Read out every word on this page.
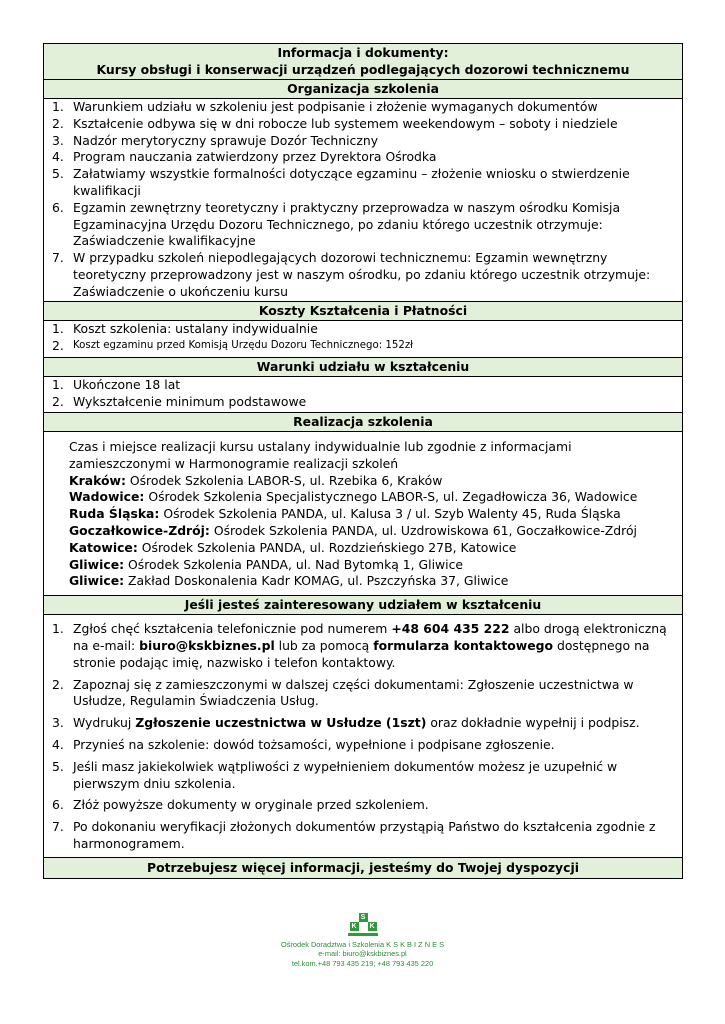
Informacja i dokumenty:
Kursy obsługi i konserwacji urządzeń podlegających dozorowi technicznemu
Organizacja szkolenia
1. Warunkiem udziału w szkoleniu jest podpisanie i złożenie wymaganych dokumentów
2. Kształcenie odbywa się w dni robocze lub systemem weekendowym – soboty i niedziele
3. Nadzór merytoryczny sprawuje Dozór Techniczny
4. Program nauczania zatwierdzony przez Dyrektora Ośrodka
5. Załatwiamy wszystkie formalności dotyczące egzaminu – złożenie wniosku o stwierdzenie kwalifikacji
6. Egzamin zewnętrzny teoretyczny i praktyczny przeprowadza w naszym ośrodku Komisja Egzaminacyjna Urzędu Dozoru Technicznego, po zdaniu którego uczestnik otrzymuje: Zaświadczenie kwalifikacyjne
7. W przypadku szkoleń niepodlegających dozorowi technicznemu: Egzamin wewnętrzny teoretyczny przeprowadzony jest w naszym ośrodku, po zdaniu którego uczestnik otrzymuje: Zaświadczenie o ukończeniu kursu
Koszty Kształcenia i Płatności
1. Koszt szkolenia: ustalany indywidualnie
2. Koszt egzaminu przed Komisją Urzędu Dozoru Technicznego: 152zł
Warunki udziału w kształceniu
1. Ukończone 18 lat
2. Wykształcenie minimum podstawowe
Realizacja szkolenia
Czas i miejsce realizacji kursu ustalany indywidualnie lub zgodnie z informacjami zamieszczonymi w Harmonogramie realizacji szkoleń
Kraków: Ośrodek Szkolenia LABOR-S, ul. Rzebika 6, Kraków
Wadowice: Ośrodek Szkolenia Specjalistycznego LABOR-S, ul. Zegadłowicza 36, Wadowice
Ruda Śląska: Ośrodek Szkolenia PANDA, ul. Kalusa 3 / ul. Szyb Walenty 45, Ruda Śląska
Goczałkowice-Zdrój: Ośrodek Szkolenia PANDA, ul. Uzdrowiskowa 61, Goczałkowice-Zdrój
Katowice: Ośrodek Szkolenia PANDA, ul. Rozdzieńskiego 27B, Katowice
Gliwice: Ośrodek Szkolenia PANDA, ul. Nad Bytomką 1, Gliwice
Gliwice: Zakład Doskonalenia Kadr KOMAG, ul. Pszczyńska 37, Gliwice
Jeśli jesteś zainteresowany udziałem w kształceniu
1. Zgłoś chęć kształcenia telefonicznie pod numerem +48 604 435 222 albo drogą elektroniczną na e-mail: biuro@kskbiznes.pl lub za pomocą formularza kontaktowego dostępnego na stronie podając imię, nazwisko i telefon kontaktowy.
2. Zapoznaj się z zamieszczonymi w dalszej części dokumentami: Zgłoszenie uczestnictwa w Usłudze, Regulamin Świadczenia Usług.
3. Wydrukuj Zgłoszenie uczestnictwa w Usłudze (1szt) oraz dokładnie wypełnij i podpisz.
4. Przynieś na szkolenie: dowód tożsamości, wypełnione i podpisane zgłoszenie.
5. Jeśli masz jakiekolwiek wątpliwości z wypełnieniem dokumentów możesz je uzupełnić w pierwszym dniu szkolenia.
6. Złóż powyższe dokumenty w oryginale przed szkoleniem.
7. Po dokonaniu weryfikacji złożonych dokumentów przystąpią Państwo do kształcenia zgodnie z harmonogramem.
Potrzebujesz więcej informacji, jesteśmy do Twojej dyspozycji
K
S
K
Ośrodek Doradztwa i Szkolenia K S K B I Z N E S
e-mail: biuro@kskbiznes.pl
tel.kom.+48 793 435 219; +48 793 435 220
